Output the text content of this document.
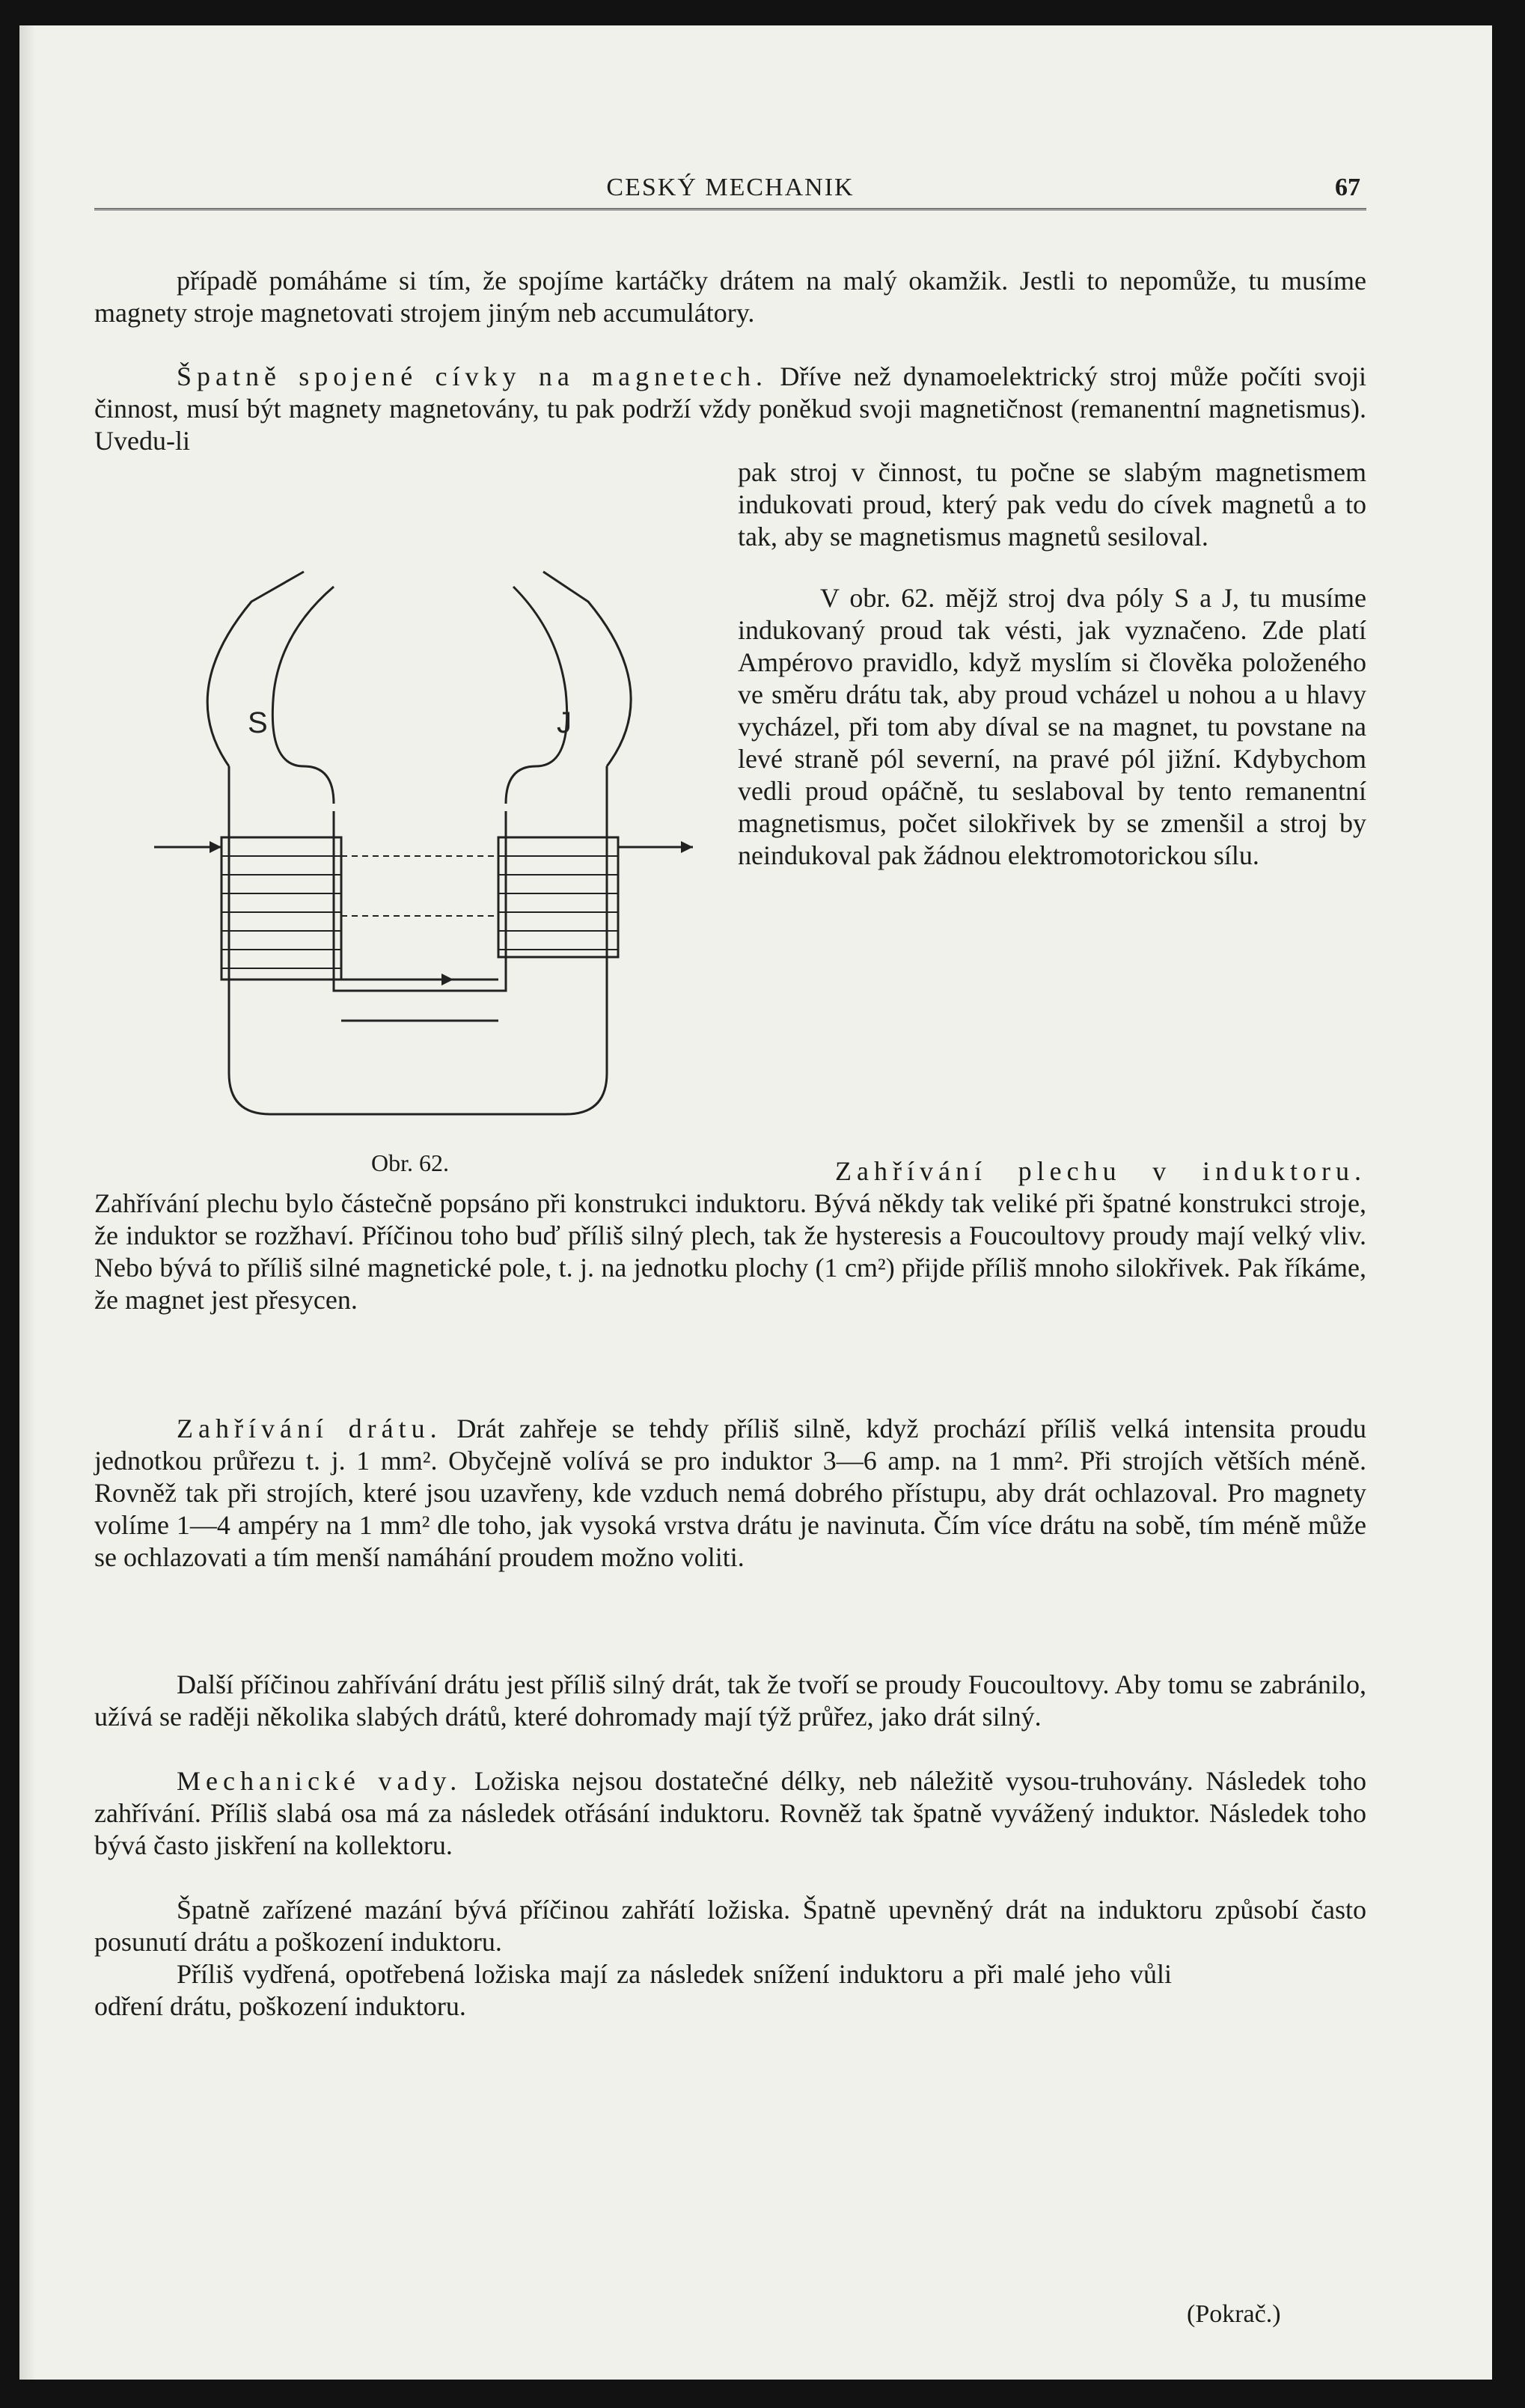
CESKÝ MECHANIK	67

případě pomáháme si tím, že spojíme kartáčky drátem na malý okamžik. Jestli to nepomůže, tu musíme magnety stroje magnetovati strojem jiným neb accumulátory.

Špatně spojené cívky na magnetech. Dříve než dynamoelektrický stroj může počíti svoji činnost, musí být magnety magnetovány, tu pak podrží vždy poněkud svoji magnetičnost (remanentní magnetismus). Uvedu-li

pak stroj v činnost, tu počne se slabým magnetismem indukovati proud, který pak vedu do cívek magnetů a to tak, aby se magnetismus magnetů sesiloval.

V obr. 62. mějž stroj dva póly S a J, tu musíme indukovaný proud tak vésti, jak vyznačeno. Zde platí Ampérovo pravidlo, když myslím si člověka položeného ve směru drátu tak, aby proud vcházel u nohou a u hlavy vycházel, při tom aby díval se na magnet, tu povstane na levé straně pól severní, na pravé pól jižní. Kdybychom vedli proud opáčně, tu seslaboval by tento remanentní magnetismus, počet silokřivek by se zmenšil a stroj by neindukoval pak žádnou elektromotorickou sílu.

S	J
Obr. 62.	Zahřívání plechu v induktoru. Zahřívání plechu bylo částečně popsáno při konstrukci induktoru. Bývá někdy tak veliké při špatné konstrukci stroje, že induktor se rozžhaví. Příčinou toho buď příliš silný plech, tak že hysteresis a Foucoultovy proudy mají velký vliv. Nebo bývá to příliš silné magnetické pole, t. j. na jednotku plochy (1 cm²) přijde příliš mnoho silokřivek. Pak říkáme, že magnet jest přesycen.

Zahřívání drátu. Drát zahřeje se tehdy příliš silně, když prochází příliš velká intensita proudu jednotkou průřezu t. j. 1 mm². Obyčejně volívá se pro induktor 3—6 amp. na 1 mm². Při strojích větších méně. Rovněž tak při strojích, které jsou uzavřeny, kde vzduch nemá dobrého přístupu, aby drát ochlazoval. Pro magnety volíme 1—4 ampéry na 1 mm² dle toho, jak vysoká vrstva drátu je navinuta. Čím více drátu na sobě, tím méně může se ochlazovati a tím menší namáhání proudem možno voliti.

Další příčinou zahřívání drátu jest příliš silný drát, tak že tvoří se proudy Foucoultovy. Aby tomu se zabránilo, užívá se raději několika slabých drátů, které dohromady mají týž průřez, jako drát silný.

Mechanické vady. Ložiska nejsou dostatečné délky, neb náležitě vysou-truhovány. Následek toho zahřívání. Příliš slabá osa má za následek otřásání induktoru. Rovněž tak špatně vyvážený induktor. Následek toho bývá často jiskření na kollektoru.

Špatně zařízené mazání bývá příčinou zahřátí ložiska. Špatně upevněný drát na induktoru způsobí často posunutí drátu a poškození induktoru.

Příliš vydřená, opotřebená ložiska mají za následek snížení induktoru a při malé jeho vůli odření drátu, poškození induktoru.

(Pokrač.)
